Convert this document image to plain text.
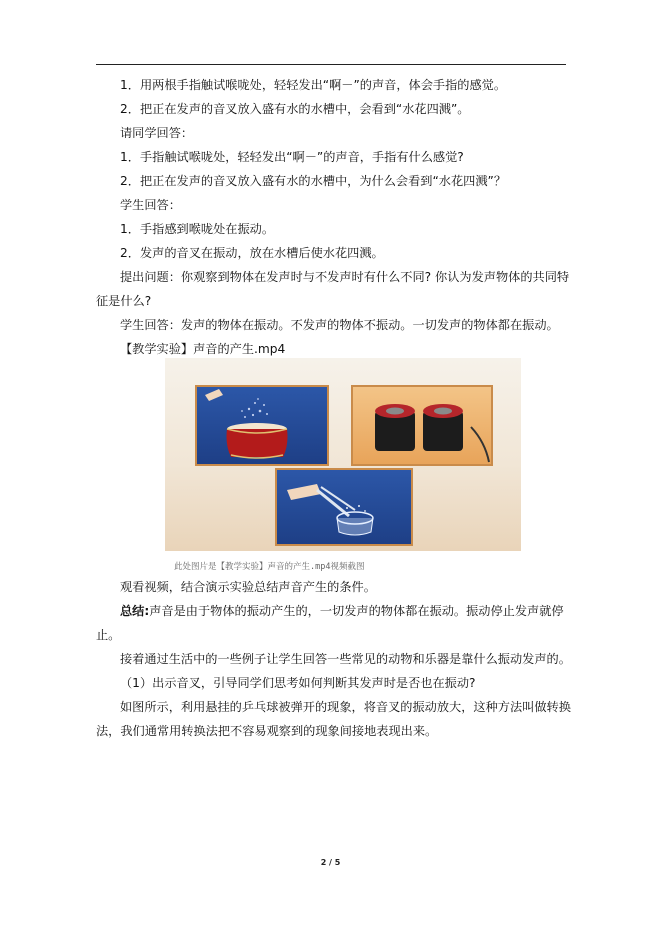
1．用两根手指触试喉咙处，轻轻发出“啊－”的声音，体会手指的感觉。
2．把正在发声的音叉放入盛有水的水槽中，会看到“水花四溅”。
请同学回答：
1．手指触试喉咙处，轻轻发出“啊－”的声音，手指有什么感觉?
2．把正在发声的音叉放入盛有水的水槽中，为什么会看到“水花四溅”？
学生回答：
1．手指感到喉咙处在振动。
2．发声的音叉在振动，放在水槽后使水花四溅。
提出问题：你观察到物体在发声时与不发声时有什么不同? 你认为发声物体的共同特
征是什么?
学生回答：发声的物体在振动。不发声的物体不振动。一切发声的物体都在振动。
【教学实验】声音的产生.mp4
此处图片是【教学实验】声音的产生.mp4视频截图
观看视频，结合演示实验总结声音产生的条件。
总结:声音是由于物体的振动产生的，一切发声的物体都在振动。振动停止发声就停
止。
接着通过生活中的一些例子让学生回答一些常见的动物和乐器是靠什么振动发声的。
（1）出示音叉，引导同学们思考如何判断其发声时是否也在振动?
如图所示，利用悬挂的乒乓球被弹开的现象，将音叉的振动放大，这种方法叫做转换
法，我们通常用转换法把不容易观察到的现象间接地表现出来。
2 / 5
